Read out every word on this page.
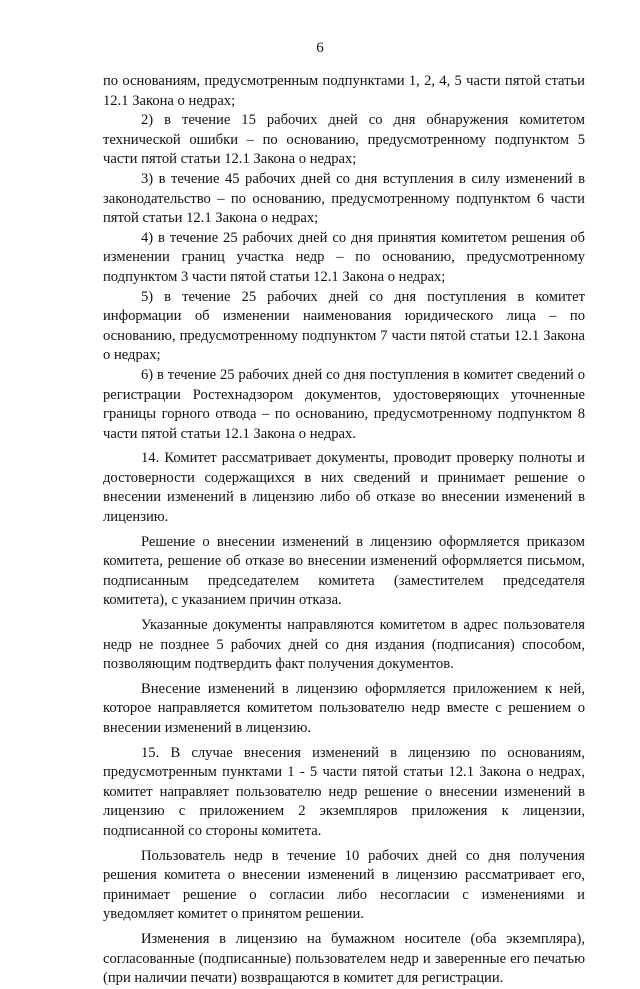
6

по основаниям, предусмотренным подпунктами 1, 2, 4, 5 части пятой статьи 12.1 Закона о недрах;

2) в течение 15 рабочих дней со дня обнаружения комитетом технической ошибки – по основанию, предусмотренному подпунктом 5 части пятой статьи 12.1 Закона о недрах;

3) в течение 45 рабочих дней со дня вступления в силу изменений в законодательство – по основанию, предусмотренному подпунктом 6 части пятой статьи 12.1 Закона о недрах;

4) в течение 25 рабочих дней со дня принятия комитетом решения об изменении границ участка недр – по основанию, предусмотренному подпунктом 3 части пятой статьи 12.1 Закона о недрах;

5) в течение 25 рабочих дней со дня поступления в комитет информации об изменении наименования юридического лица – по основанию, предусмотренному подпунктом 7 части пятой статьи 12.1 Закона о недрах;

6) в течение 25 рабочих дней со дня поступления в комитет сведений о регистрации Ростехнадзором документов, удостоверяющих уточненные границы горного отвода – по основанию, предусмотренному подпунктом 8 части пятой статьи 12.1 Закона о недрах.

14. Комитет рассматривает документы, проводит проверку полноты и достоверности содержащихся в них сведений и принимает решение о внесении изменений в лицензию либо об отказе во внесении изменений в лицензию.

Решение о внесении изменений в лицензию оформляется приказом комитета, решение об отказе во внесении изменений оформляется письмом, подписанным председателем комитета (заместителем председателя комитета), с указанием причин отказа.

Указанные документы направляются комитетом в адрес пользователя недр не позднее 5 рабочих дней со дня издания (подписания) способом, позволяющим подтвердить факт получения документов.

Внесение изменений в лицензию оформляется приложением к ней, которое направляется комитетом пользователю недр вместе с решением о внесении изменений в лицензию.

15. В случае внесения изменений в лицензию по основаниям, предусмотренным пунктами 1 - 5 части пятой статьи 12.1 Закона о недрах, комитет направляет пользователю недр решение о внесении изменений в лицензию с приложением 2 экземпляров приложения к лицензии, подписанной со стороны комитета.

Пользователь недр в течение 10 рабочих дней со дня получения решения комитета о внесении изменений в лицензию рассматривает его, принимает решение о согласии либо несогласии с изменениями и уведомляет комитет о принятом решении.

Изменения в лицензию на бумажном носителе (оба экземпляра), согласованные (подписанные) пользователем недр и заверенные его печатью (при наличии печати) возвращаются в комитет для регистрации.
